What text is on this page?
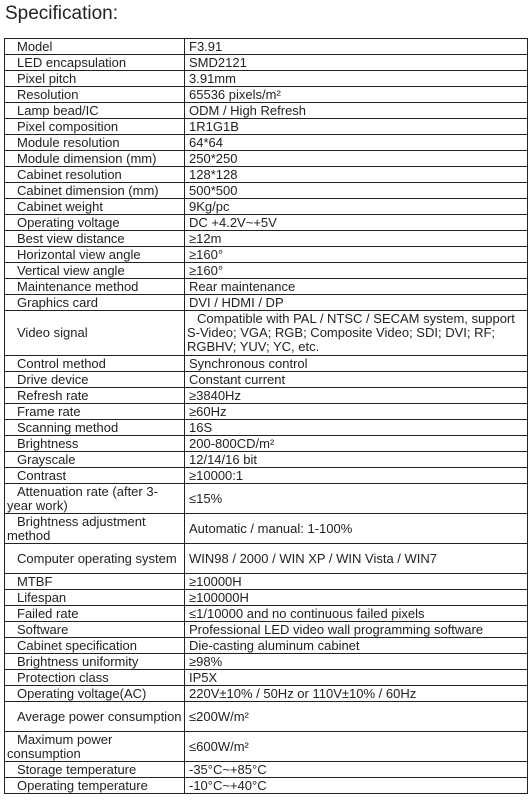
Specification:
Model	F3.91
LED encapsulation	SMD2121
Pixel pitch	3.91mm
Resolution	65536 pixels/m²
Lamp bead/IC	ODM / High Refresh
Pixel composition	1R1G1B
Module resolution	64*64
Module dimension (mm)	250*250
Cabinet resolution	128*128
Cabinet dimension (mm)	500*500
Cabinet weight	9Kg/pc
Operating voltage	DC +4.2V~+5V
Best view distance	≥12m
Horizontal view angle	≥160°
Vertical view angle	≥160°
Maintenance method	Rear maintenance
Graphics card	DVI / HDMI / DP
Video signal	Compatible with PAL / NTSC / SECAM system, support S-Video; VGA; RGB; Composite Video; SDI; DVI; RF; RGBHV; YUV; YC, etc.
Control method	Synchronous control
Drive device	Constant current
Refresh rate	≥3840Hz
Frame rate	≥60Hz
Scanning method	16S
Brightness	200-800CD/m²
Grayscale	12/14/16 bit
Contrast	≥10000:1
Attenuation rate (after 3-year work)	≤15%
Brightness adjustment method	Automatic / manual: 1-100%
Computer operating system	WIN98 / 2000 / WIN XP / WIN Vista / WIN7
MTBF	≥10000H
Lifespan	≥100000H
Failed rate	≤1/10000 and no continuous failed pixels
Software	Professional LED video wall programming software
Cabinet specification	Die-casting aluminum cabinet
Brightness uniformity	≥98%
Protection class	IP5X
Operating voltage(AC)	220V±10% / 50Hz or 110V±10% / 60Hz
Average power consumption	≤200W/m²
Maximum power consumption	≤600W/m²
Storage temperature	-35°C~+85°C
Operating temperature	-10°C~+40°C
